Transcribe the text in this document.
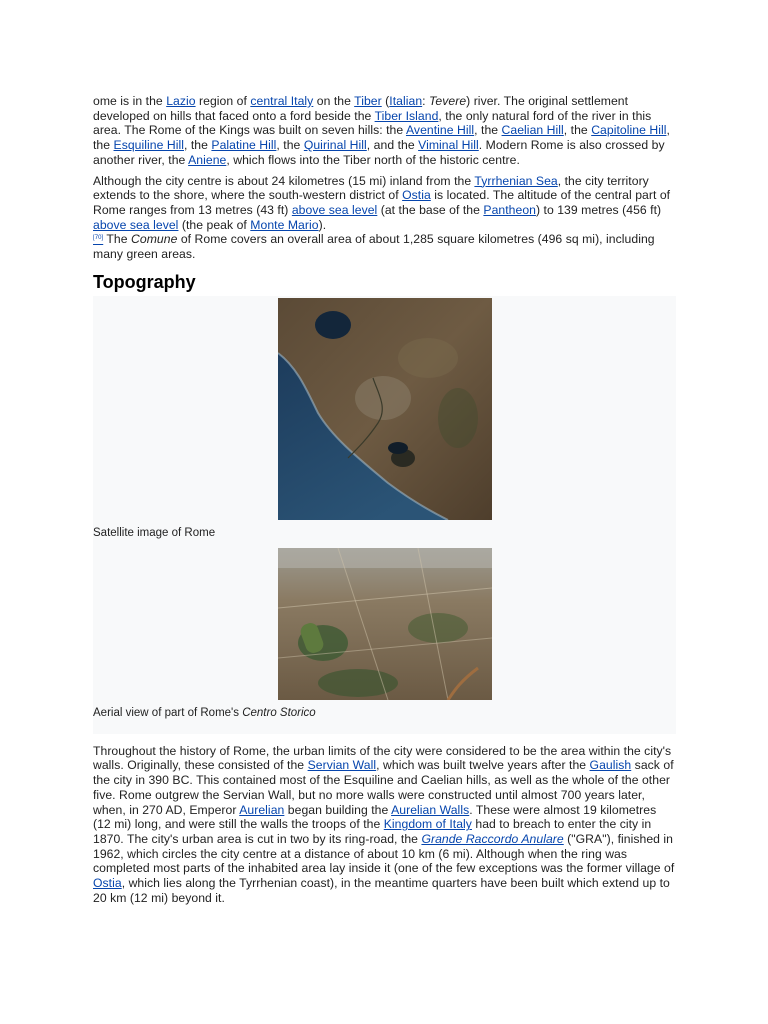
ome is in the Lazio region of central Italy on the Tiber (Italian: Tevere) river. The original settlement developed on hills that faced onto a ford beside the Tiber Island, the only natural ford of the river in this area. The Rome of the Kings was built on seven hills: the Aventine Hill, the Caelian Hill, the Capitoline Hill, the Esquiline Hill, the Palatine Hill, the Quirinal Hill, and the Viminal Hill. Modern Rome is also crossed by another river, the Aniene, which flows into the Tiber north of the historic centre.

Although the city centre is about 24 kilometres (15 mi) inland from the Tyrrhenian Sea, the city territory extends to the shore, where the south-western district of Ostia is located. The altitude of the central part of Rome ranges from 13 metres (43 ft) above sea level (at the base of the Pantheon) to 139 metres (456 ft) above sea level (the peak of Monte Mario).
[70] The Comune of Rome covers an overall area of about 1,285 square kilometres (496 sq mi), including many green areas.

Topography
Satellite image of Rome
Aerial view of part of Rome's Centro Storico

Throughout the history of Rome, the urban limits of the city were considered to be the area within the city's walls. Originally, these consisted of the Servian Wall, which was built twelve years after the Gaulish sack of the city in 390 BC. This contained most of the Esquiline and Caelian hills, as well as the whole of the other five. Rome outgrew the Servian Wall, but no more walls were constructed until almost 700 years later, when, in 270 AD, Emperor Aurelian began building the Aurelian Walls. These were almost 19 kilometres (12 mi) long, and were still the walls the troops of the Kingdom of Italy had to breach to enter the city in 1870. The city's urban area is cut in two by its ring-road, the Grande Raccordo Anulare ("GRA"), finished in 1962, which circles the city centre at a distance of about 10 km (6 mi). Although when the ring was completed most parts of the inhabited area lay inside it (one of the few exceptions was the former village of Ostia, which lies along the Tyrrhenian coast), in the meantime quarters have been built which extend up to 20 km (12 mi) beyond it.
